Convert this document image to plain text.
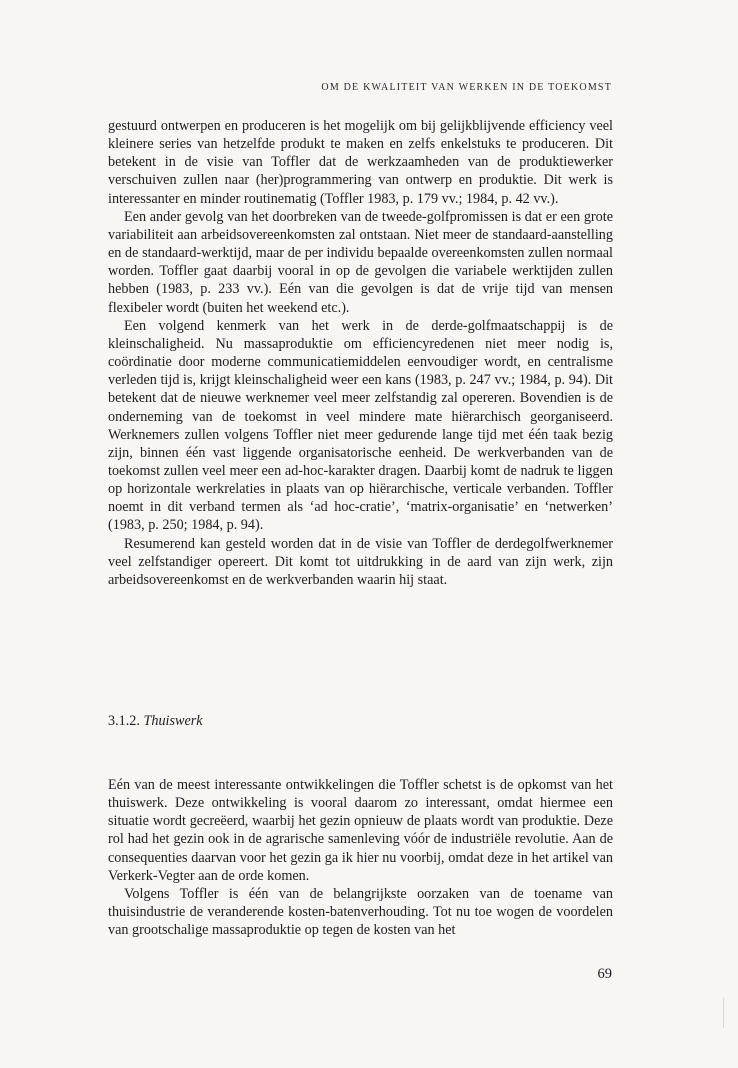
OM DE KWALITEIT VAN WERKEN IN DE TOEKOMST

gestuurd ontwerpen en produceren is het mogelijk om bij gelijkblijvende efficiency veel kleinere series van hetzelfde produkt te maken en zelfs enkelstuks te produceren. Dit betekent in de visie van Toffler dat de werkzaamheden van de produktiewerker verschuiven zullen naar (her)programmering van ontwerp en produktie. Dit werk is interessanter en minder routinematig (Toffler 1983, p. 179 vv.; 1984, p. 42 vv.).

Een ander gevolg van het doorbreken van de tweede-golfpromissen is dat er een grote variabiliteit aan arbeidsovereenkomsten zal ontstaan. Niet meer de standaard-aanstelling en de standaard-werktijd, maar de per individu bepaalde overeenkomsten zullen normaal worden. Toffler gaat daarbij vooral in op de gevolgen die variabele werktijden zullen hebben (1983, p. 233 vv.). Eén van die gevolgen is dat de vrije tijd van mensen flexibeler wordt (buiten het weekend etc.).

Een volgend kenmerk van het werk in de derde-golfmaatschappij is de kleinschaligheid. Nu massaproduktie om efficiencyredenen niet meer nodig is, coördinatie door moderne communicatiemiddelen eenvoudiger wordt, en centralisme verleden tijd is, krijgt kleinschaligheid weer een kans (1983, p. 247 vv.; 1984, p. 94). Dit betekent dat de nieuwe werknemer veel meer zelfstandig zal opereren. Bovendien is de onderneming van de toekomst in veel mindere mate hiërarchisch georganiseerd. Werknemers zullen volgens Toffler niet meer gedurende lange tijd met één taak bezig zijn, binnen één vast liggende organisatorische eenheid. De werkverbanden van de toekomst zullen veel meer een ad-hoc-karakter dragen. Daarbij komt de nadruk te liggen op horizontale werkrelaties in plaats van op hiërarchische, verticale verbanden. Toffler noemt in dit verband termen als ‘ad hoc-cratie’, ‘matrix-organisatie’ en ‘netwerken’ (1983, p. 250; 1984, p. 94).

Resumerend kan gesteld worden dat in de visie van Toffler de derdegolfwerknemer veel zelfstandiger opereert. Dit komt tot uitdrukking in de aard van zijn werk, zijn arbeidsovereenkomst en de werkverbanden waarin hij staat.

3.1.2. Thuiswerk

Eén van de meest interessante ontwikkelingen die Toffler schetst is de opkomst van het thuiswerk. Deze ontwikkeling is vooral daarom zo interessant, omdat hiermee een situatie wordt gecreëerd, waarbij het gezin opnieuw de plaats wordt van produktie. Deze rol had het gezin ook in de agrarische samenleving vóór de industriële revolutie. Aan de consequenties daarvan voor het gezin ga ik hier nu voorbij, omdat deze in het artikel van Verkerk-Vegter aan de orde komen.

Volgens Toffler is één van de belangrijkste oorzaken van de toename van thuisindustrie de veranderende kosten-batenverhouding. Tot nu toe wogen de voordelen van grootschalige massaproduktie op tegen de kosten van het

69
